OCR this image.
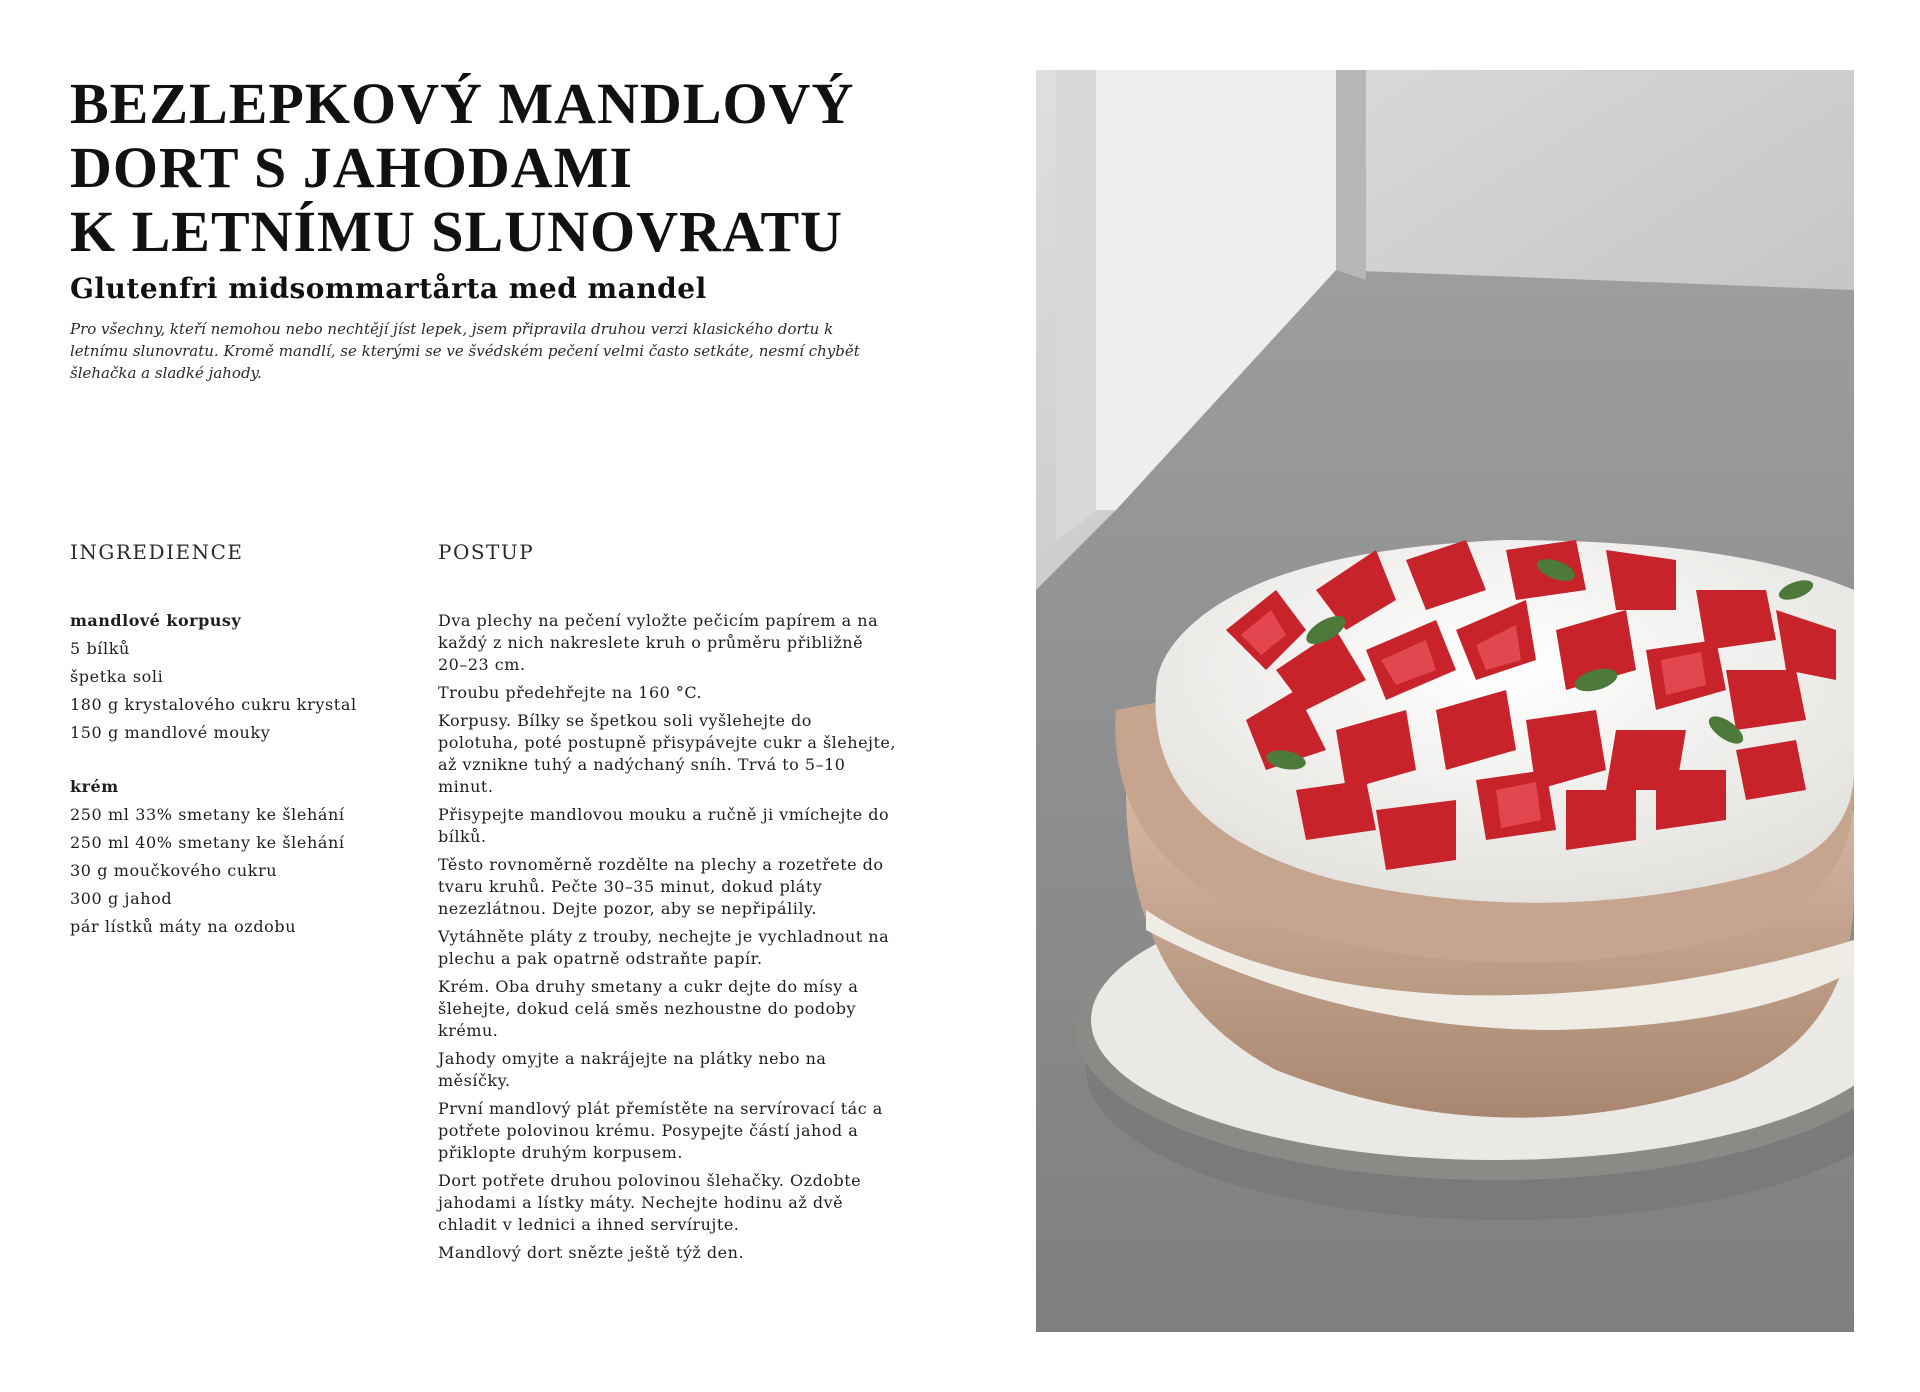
BEZLEPKOVÝ MANDLOVÝ
DORT S JAHODAMI
K LETNÍMU SLUNOVRATU
Glutenfri midsommartårta med mandel

Pro všechny, kteří nemohou nebo nechtějí jíst lepek, jsem připravila druhou verzi klasického dortu k letnímu slunovratu. Kromě mandlí, se kterými se ve švédském pečení velmi často setkáte, nesmí chybět šlehačka a sladké jahody.

INGREDIENCE	POSTUP
mandlové korpusy
5 bílků
špetka soli
180 g krystalového cukru krystal
150 g mandlové mouky
krém
250 ml 33% smetany ke šlehání
250 ml 40% smetany ke šlehání
30 g moučkového cukru
300 g jahod
pár lístků máty na ozdobu

Dva plechy na pečení vyložte pečicím papírem a na každý z nich nakreslete kruh o průměru přibližně 20–23 cm.

Troubu předehřejte na 160 °C.

Korpusy. Bílky se špetkou soli vyšlehejte do polotuha, poté postupně přisypávejte cukr a šlehejte, až vznikne tuhý a nadýchaný sníh. Trvá to 5–10 minut.

Přisypejte mandlovou mouku a ručně ji vmíchejte do bílků.

Těsto rovnoměrně rozdělte na plechy a rozetřete do tvaru kruhů. Pečte 30–35 minut, dokud pláty nezezlátnou. Dejte pozor, aby se nepřipálily.

Vytáhněte pláty z trouby, nechejte je vychladnout na plechu a pak opatrně odstraňte papír.

Krém. Oba druhy smetany a cukr dejte do mísy a šlehejte, dokud celá směs nezhoustne do podoby krému.

Jahody omyjte a nakrájejte na plátky nebo na měsíčky.

První mandlový plát přemístěte na servírovací tác a potřete polovinou krému. Posypejte částí jahod a přiklopte druhým korpusem.

Dort potřete druhou polovinou šlehačky. Ozdobte jahodami a lístky máty. Nechejte hodinu až dvě chladit v lednici a ihned servírujte.

Mandlový dort snězte ještě týž den.
